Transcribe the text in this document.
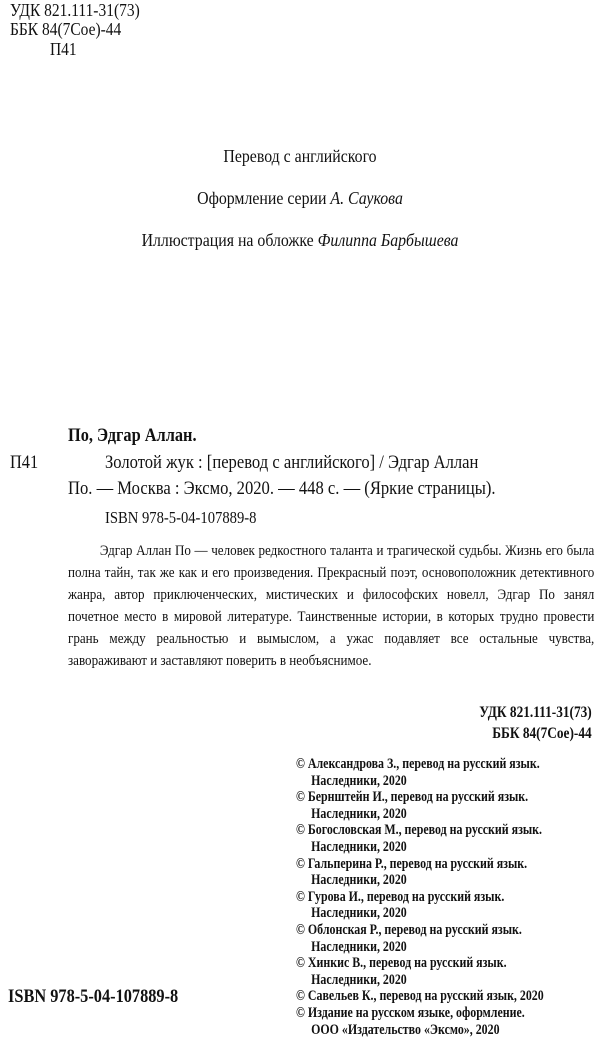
УДК 821.111-31(73)
ББК 84(7Сое)-44
П41
Перевод с английского
Оформление серии А. Саукова
Иллюстрация на обложке Филиппа Барбышева
По, Эдгар Аллан.
П41	Золотой жук : [перевод с английского] / Эдгар Аллан
По. — Москва : Эксмо, 2020. — 448 с. — (Яркие страницы).
ISBN 978-5-04-107889-8

Эдгар Аллан По — человек редкостного таланта и трагической судьбы. Жизнь его была полна тайн, так же как и его произведения. Прекрасный поэт, основоположник детективного жанра, автор приключенческих, мистических и философских новелл, Эдгар По занял почетное место в мировой литературе. Таинственные истории, в которых трудно провести грань между реальностью и вымыслом, а ужас подавляет все остальные чувства, завораживают и заставляют поверить в необъяснимое.

УДК 821.111-31(73)
ББК 84(7Сое)-44
© Александрова З., перевод на русский язык.
Наследники, 2020
© Бернштейн И., перевод на русский язык.
Наследники, 2020
© Богословская М., перевод на русский язык.
Наследники, 2020
© Гальперина Р., перевод на русский язык.
Наследники, 2020
© Гурова И., перевод на русский язык.
Наследники, 2020
© Облонская Р., перевод на русский язык.
Наследники, 2020
© Хинкис В., перевод на русский язык.
Наследники, 2020
© Савельев К., перевод на русский язык, 2020
© Издание на русском языке, оформление.
ООО «Издательство «Эксмо», 2020
ISBN 978-5-04-107889-8
